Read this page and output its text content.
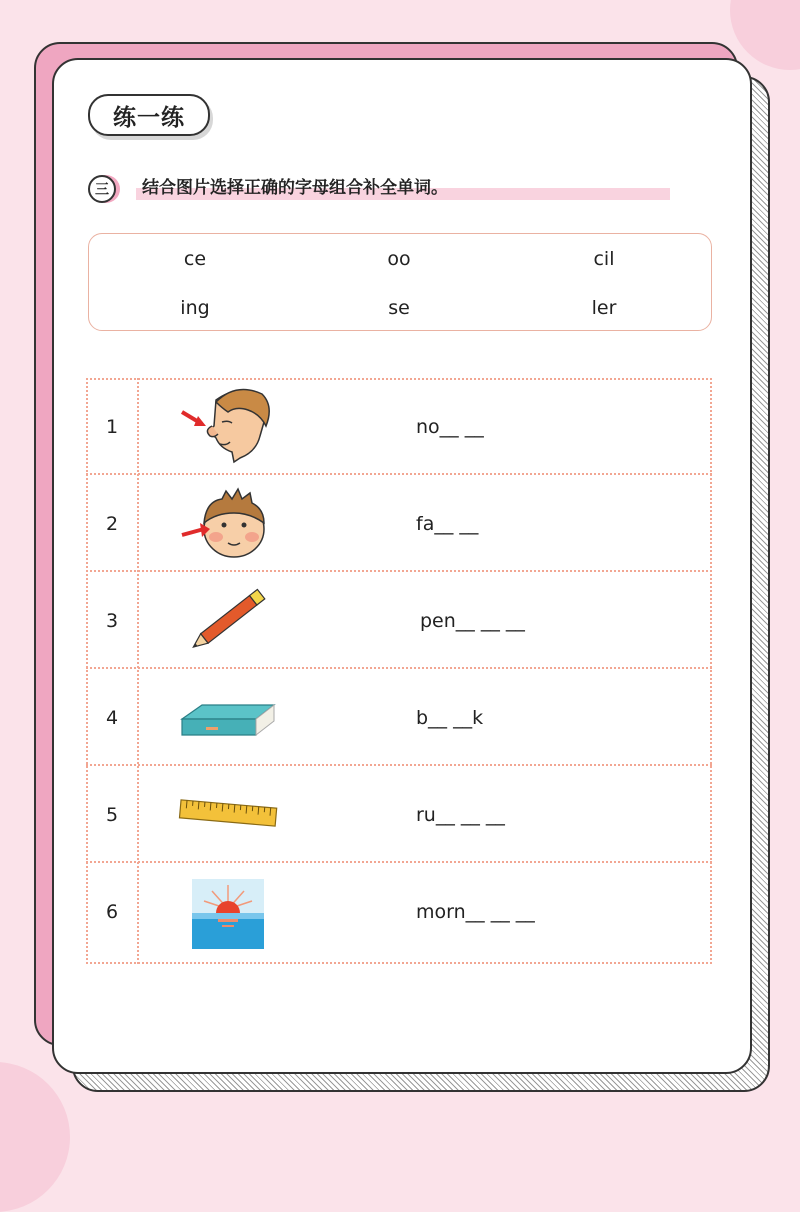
练一练
三	结合图片选择正确的字母组合补全单词。
ce	oo	cil
ing	se	ler
1	no__ __
2	fa__ __
3	pen__ __ __
4	b__ __k
5	ru__ __ __
6	morn__ __ __
